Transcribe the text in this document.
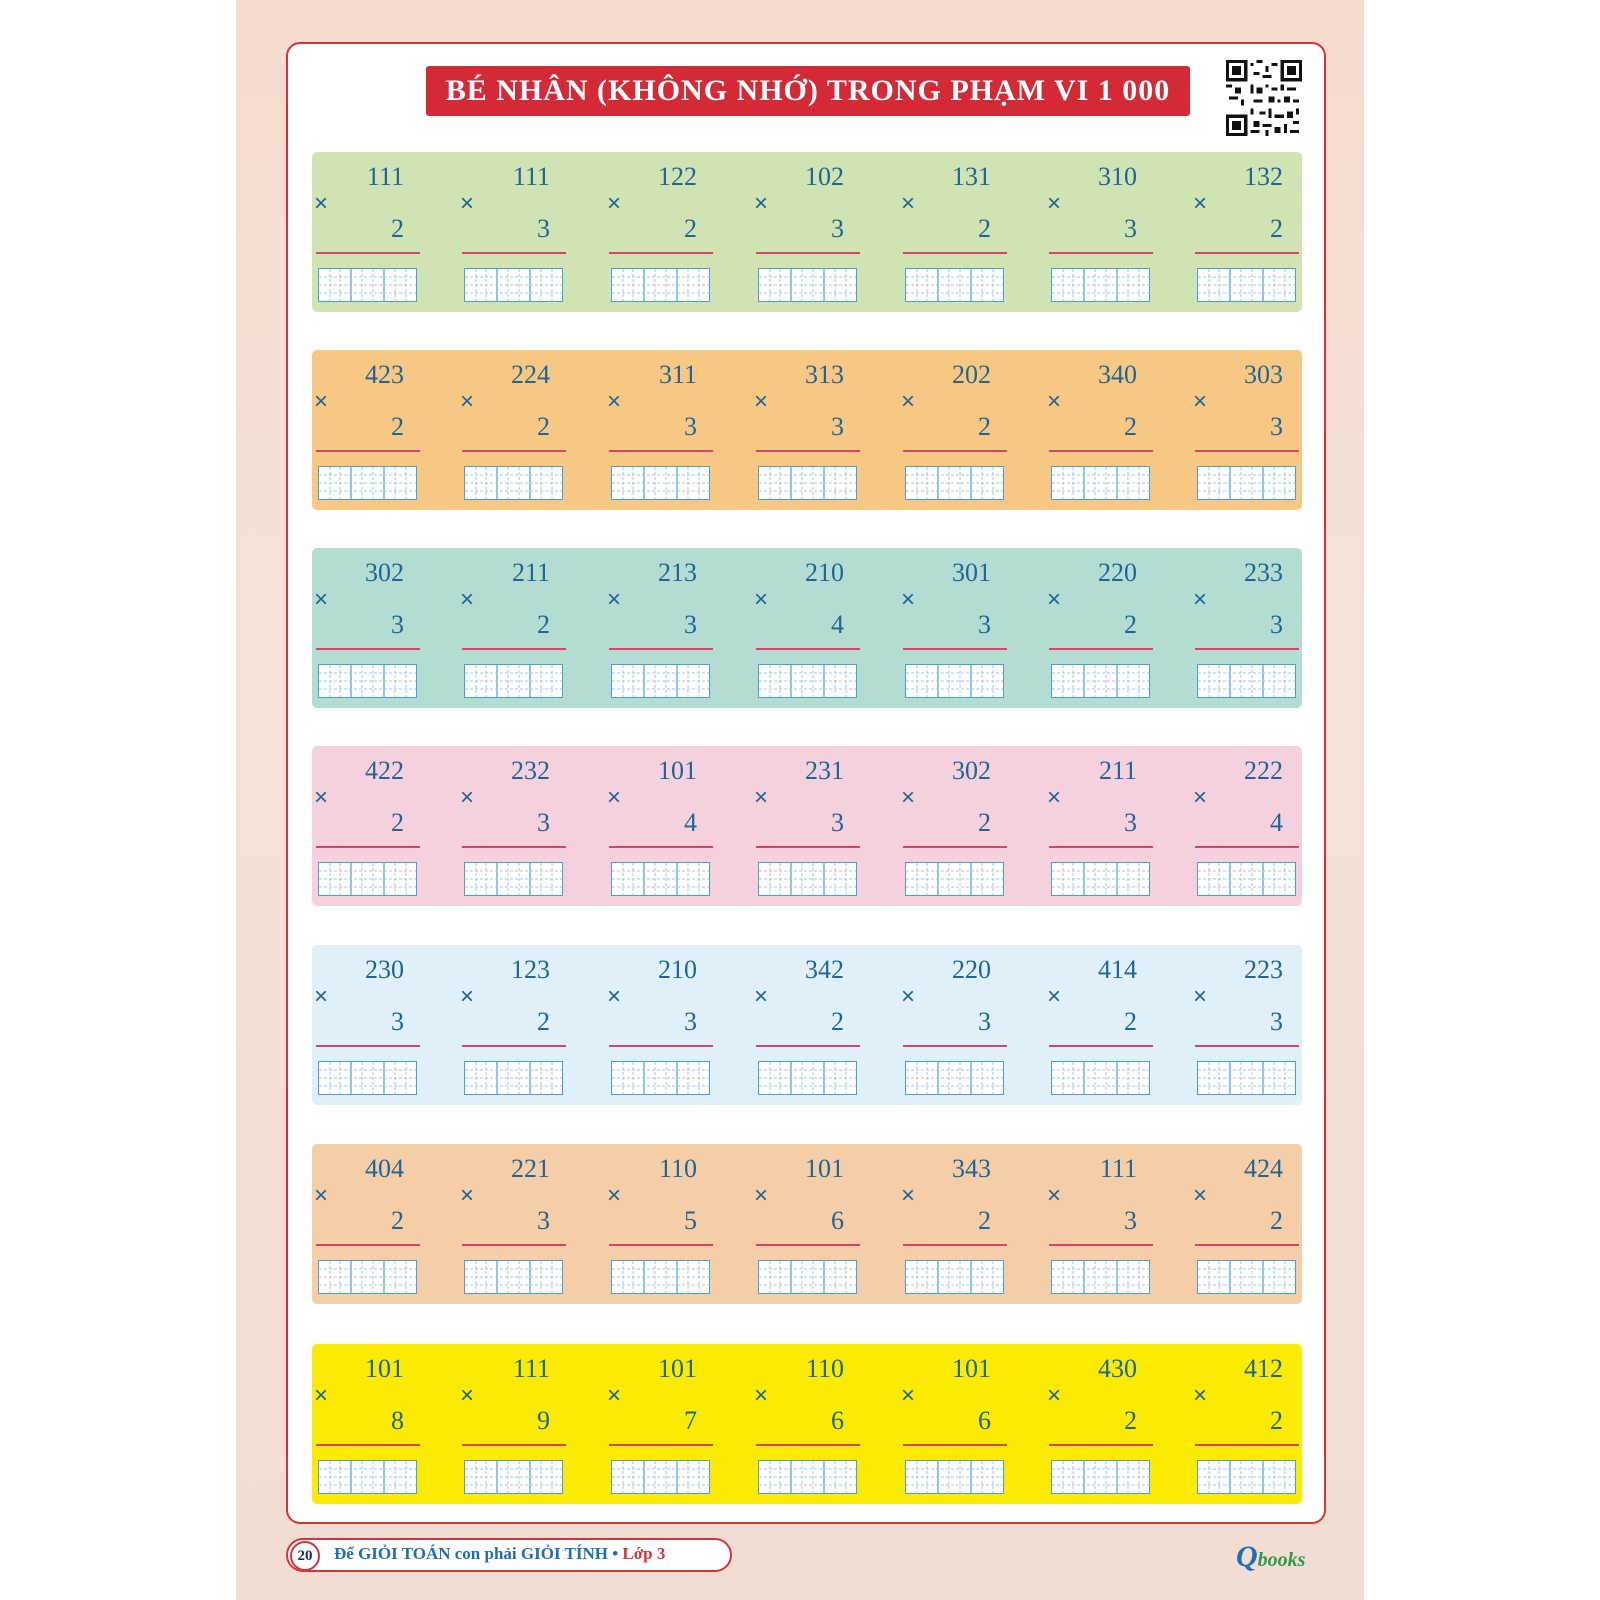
BÉ NHÂN (KHÔNG NHỚ) TRONG PHẠM VI 1 000
111
×
2
111
×
3
122
×
2
102
×
3
131
×
2
310
×
3
132
×
2
423
×
2
224
×
2
311
×
3
313
×
3
202
×
2
340
×
2
303
×
3
302
×
3
211
×
2
213
×
3
210
×
4
301
×
3
220
×
2
233
×
3
422
×
2
232
×
3
101
×
4
231
×
3
302
×
2
211
×
3
222
×
4
230
×
3
123
×
2
210
×
3
342
×
2
220
×
3
414
×
2
223
×
3
404
×
2
221
×
3
110
×
5
101
×
6
343
×
2
111
×
3
424
×
2
101
×
8
111
×
9
101
×
7
110
×
6
101
×
6
430
×
2
412
×
2
20	Để GIỎI TOÁN con phải GIỎI TÍNH • Lớp 3	Qbooks
